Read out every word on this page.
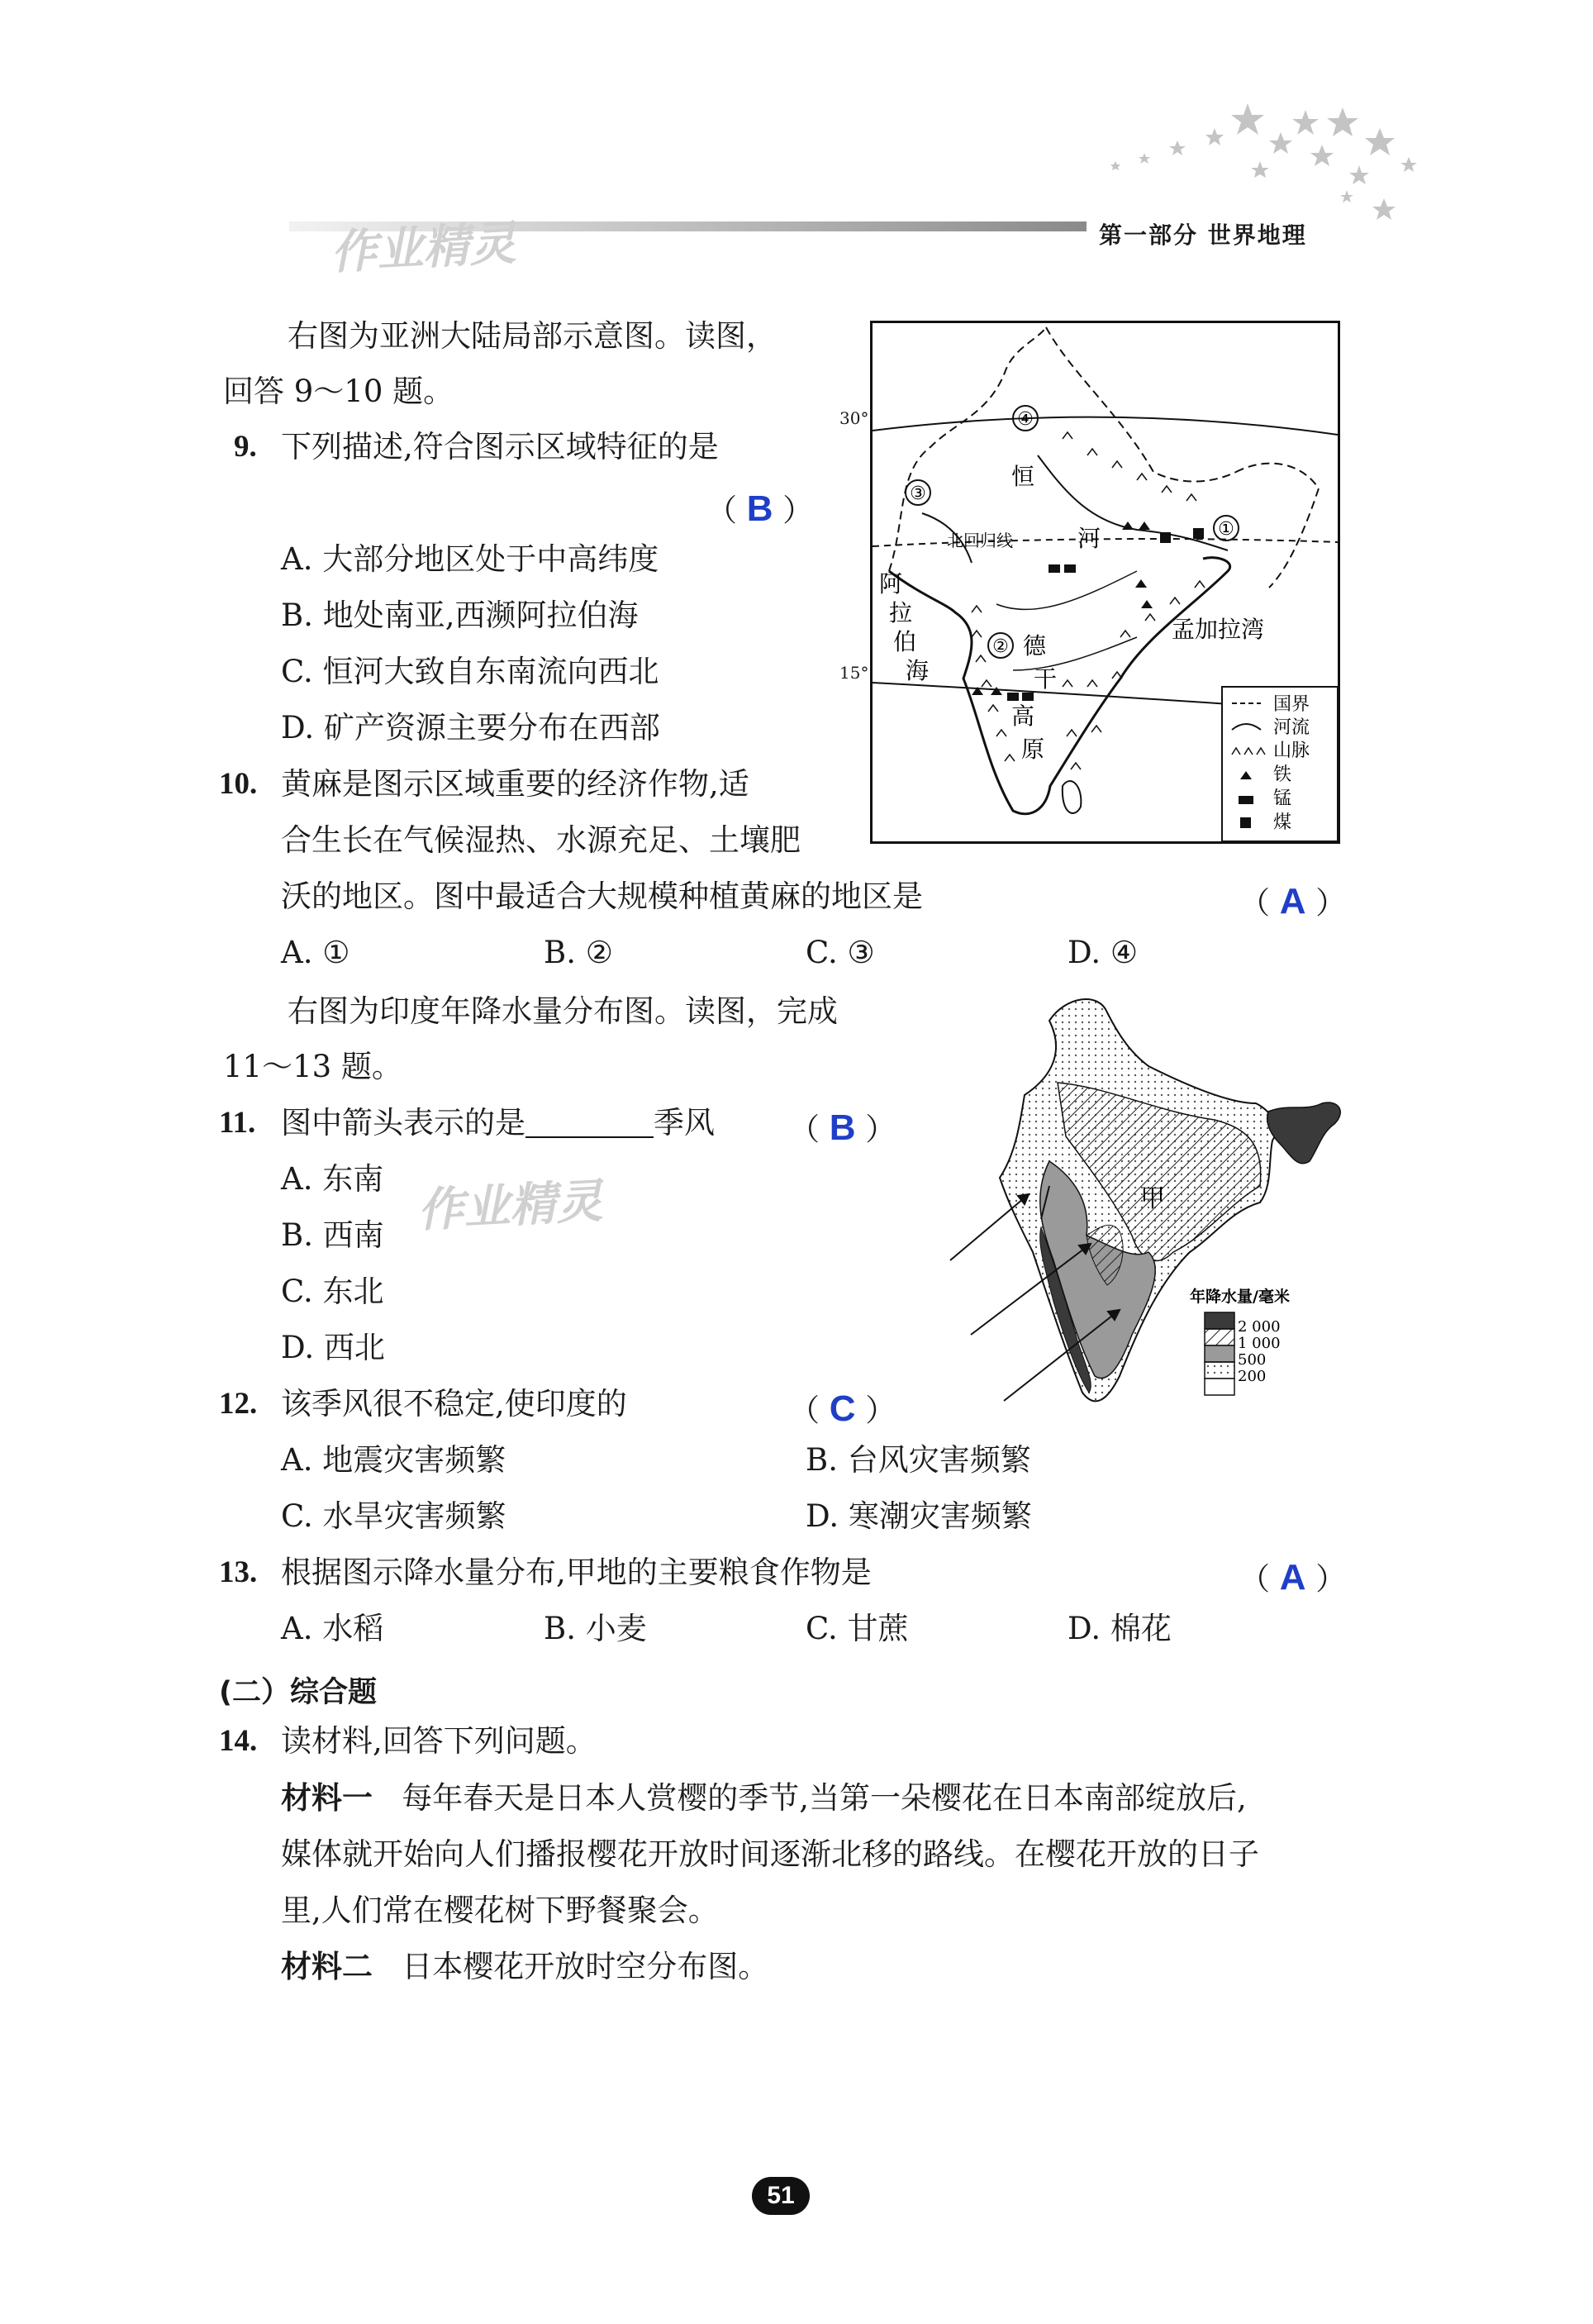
作业精灵	第一部分 世界地理
右图为亚洲大陆局部示意图。读图，
回答 9～10 题。
9. 下列描述,符合图示区域特征的是
（ B ）
A. 大部分地区处于中高纬度
B. 地处南亚,西濒阿拉伯海
C. 恒河大致自东南流向西北
D. 矿产资源主要分布在西部
10. 黄麻是图示区域重要的经济作物,适
合生长在气候湿热、水源充足、土壤肥
沃的地区。图中最适合大规模种植黄麻的地区是	（ A ）
A. ①	B. ②	C. ③	D. ④
①
②
③
④
恒
河
北回归线
阿
拉
伯
海
德
干
高
原
孟加拉湾
国界
河流
山脉
铁
锰
煤
30°
15°
右图为印度年降水量分布图。读图，完成
11～13 题。
11. 图中箭头表示的是	季风 （ B ）
A. 东南
B. 西南
C. 东北
D. 西北
作业精灵	甲
年降水量/毫米
2 000
1 000
500
200
12. 该季风很不稳定,使印度的	（ C ）
A. 地震灾害频繁	B. 台风灾害频繁
C. 水旱灾害频繁	D. 寒潮灾害频繁
13. 根据图示降水量分布,甲地的主要粮食作物是	（ A ）
A. 水稻	B. 小麦	C. 甘蔗	D. 棉花
(二）综合题
14. 读材料,回答下列问题。
材料一 每年春天是日本人赏樱的季节,当第一朵樱花在日本南部绽放后,
媒体就开始向人们播报樱花开放时间逐渐北移的路线。在樱花开放的日子
里,人们常在樱花树下野餐聚会。
材料二 日本樱花开放时空分布图。
51
